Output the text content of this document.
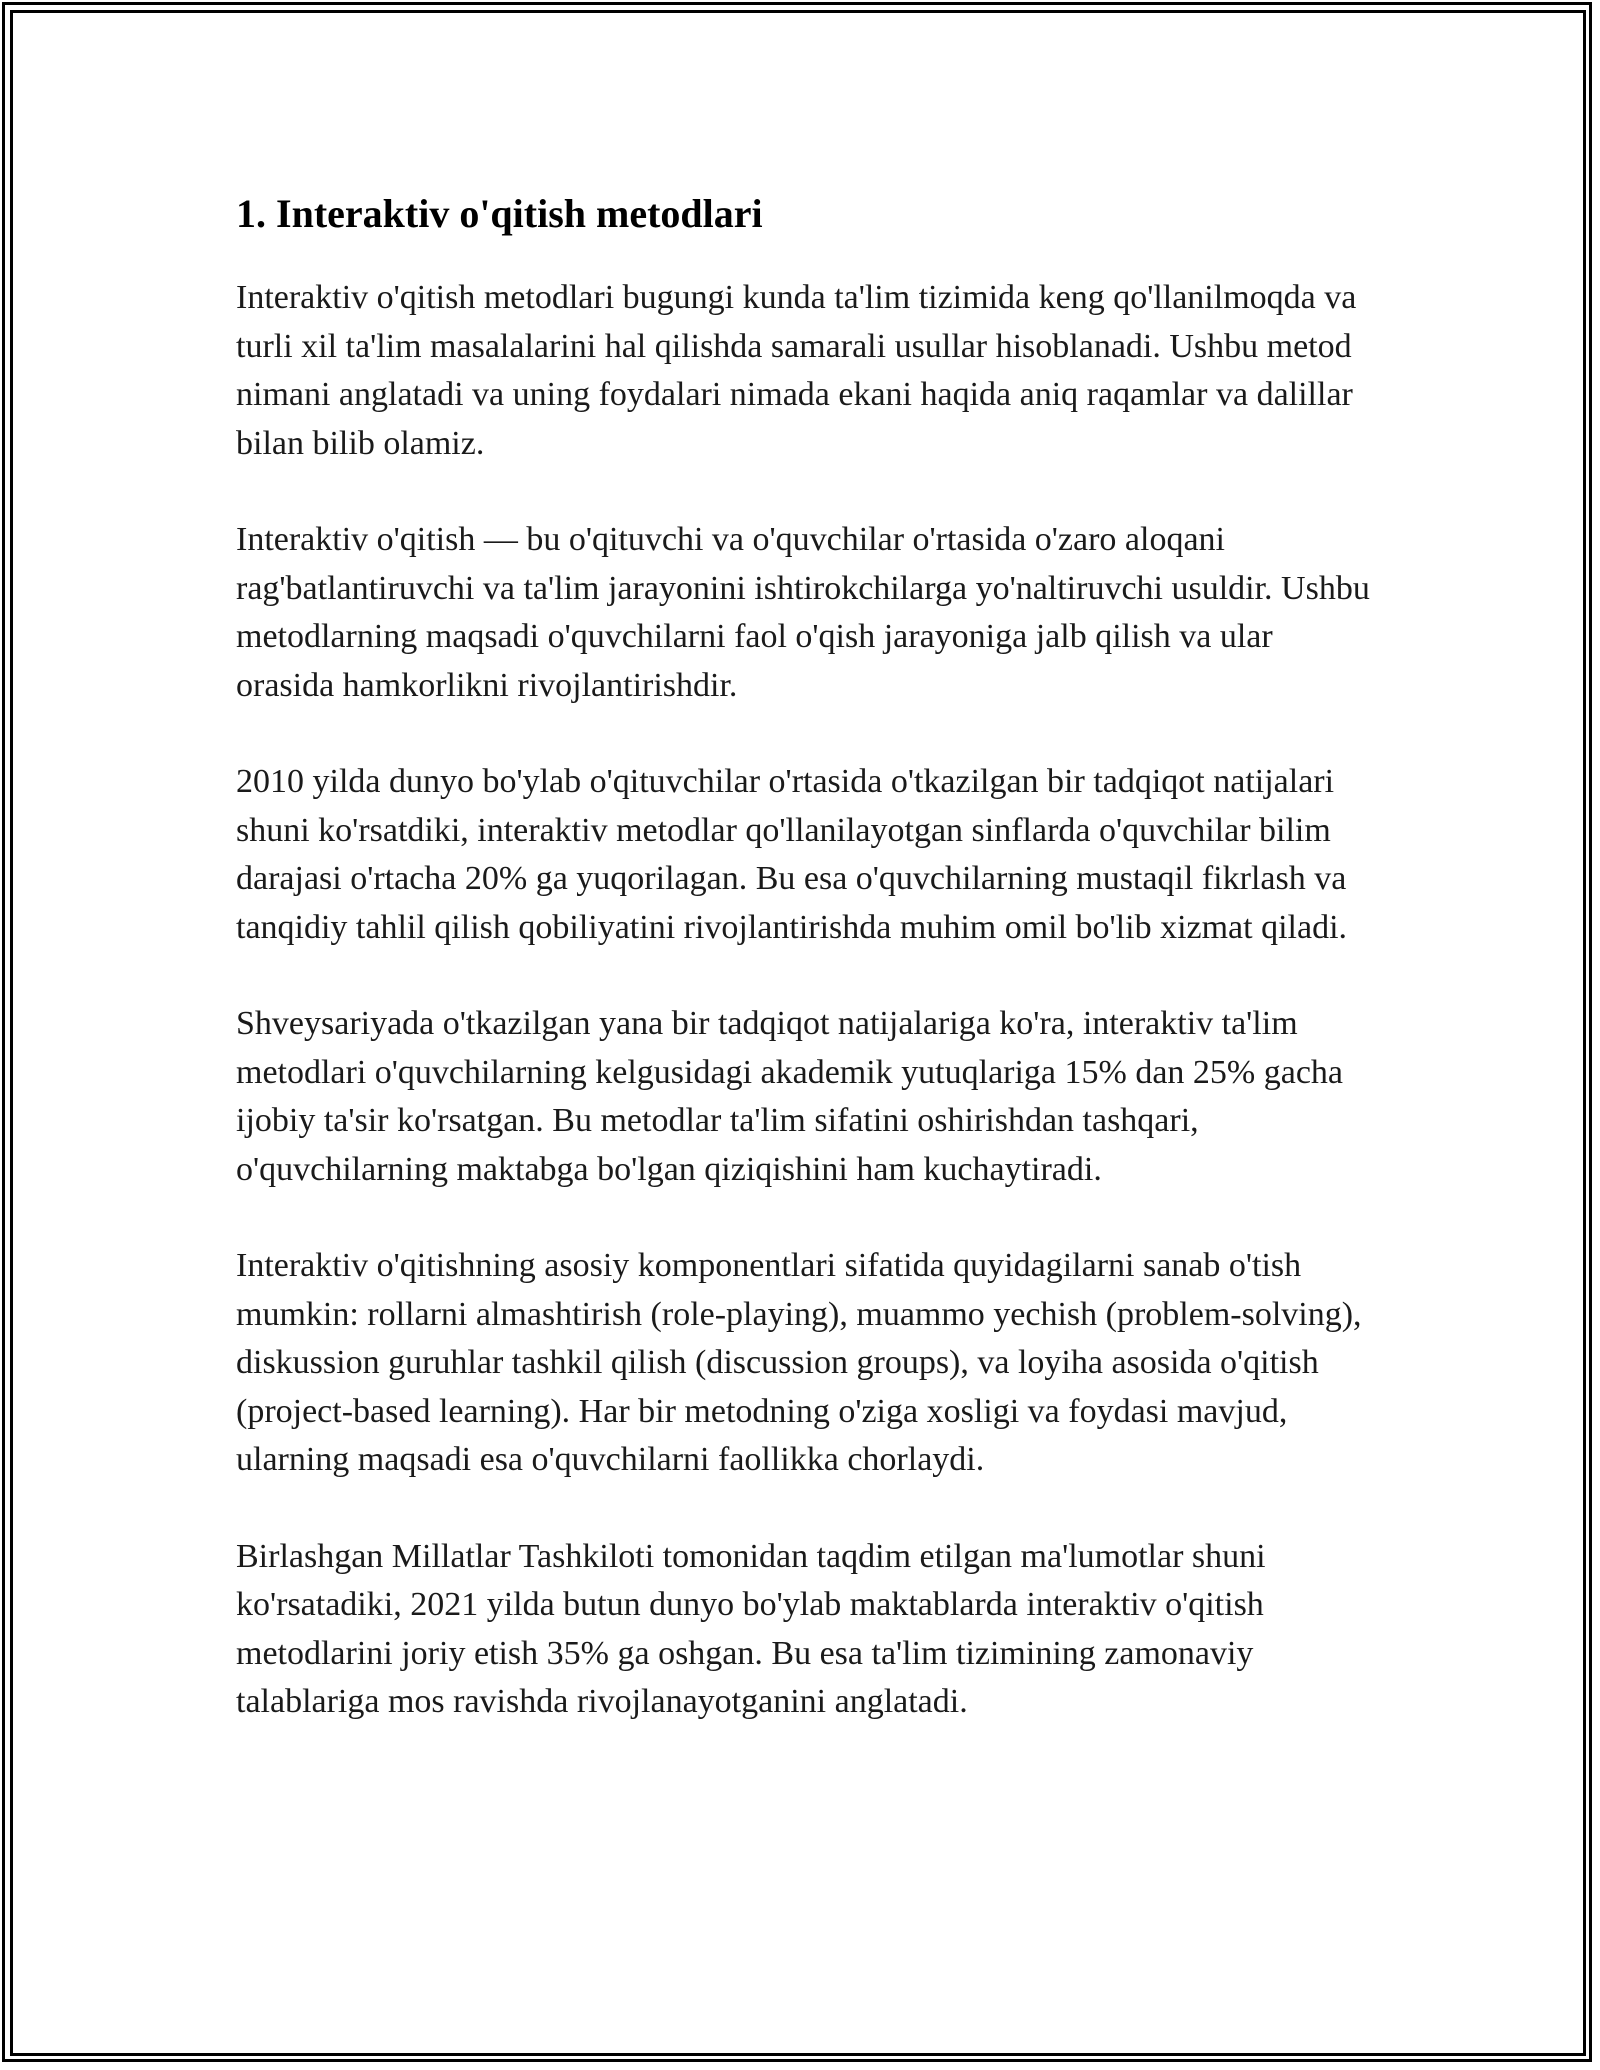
1. Interaktiv o'qitish metodlari

Interaktiv o'qitish metodlari bugungi kunda ta'lim tizimida keng qo'llanilmoqda va turli xil ta'lim masalalarini hal qilishda samarali usullar hisoblanadi. Ushbu metod nimani anglatadi va uning foydalari nimada ekani haqida aniq raqamlar va dalillar bilan bilib olamiz.

Interaktiv o'qitish — bu o'qituvchi va o'quvchilar o'rtasida o'zaro aloqani rag'batlantiruvchi va ta'lim jarayonini ishtirokchilarga yo'naltiruvchi usuldir. Ushbu metodlarning maqsadi o'quvchilarni faol o'qish jarayoniga jalb qilish va ular orasida hamkorlikni rivojlantirishdir.

2010 yilda dunyo bo'ylab o'qituvchilar o'rtasida o'tkazilgan bir tadqiqot natijalari shuni ko'rsatdiki, interaktiv metodlar qo'llanilayotgan sinflarda o'quvchilar bilim darajasi o'rtacha 20% ga yuqorilagan. Bu esa o'quvchilarning mustaqil fikrlash va tanqidiy tahlil qilish qobiliyatini rivojlantirishda muhim omil bo'lib xizmat qiladi.

Shveysariyada o'tkazilgan yana bir tadqiqot natijalariga ko'ra, interaktiv ta'lim metodlari o'quvchilarning kelgusidagi akademik yutuqlariga 15% dan 25% gacha ijobiy ta'sir ko'rsatgan. Bu metodlar ta'lim sifatini oshirishdan tashqari, o'quvchilarning maktabga bo'lgan qiziqishini ham kuchaytiradi.

Interaktiv o'qitishning asosiy komponentlari sifatida quyidagilarni sanab o'tish mumkin: rollarni almashtirish (role-playing), muammo yechish (problem-solving), diskussion guruhlar tashkil qilish (discussion groups), va loyiha asosida o'qitish (project-based learning). Har bir metodning o'ziga xosligi va foydasi mavjud, ularning maqsadi esa o'quvchilarni faollikka chorlaydi.

Birlashgan Millatlar Tashkiloti tomonidan taqdim etilgan ma'lumotlar shuni ko'rsatadiki, 2021 yilda butun dunyo bo'ylab maktablarda interaktiv o'qitish metodlarini joriy etish 35% ga oshgan. Bu esa ta'lim tizimining zamonaviy talablariga mos ravishda rivojlanayotganini anglatadi.
